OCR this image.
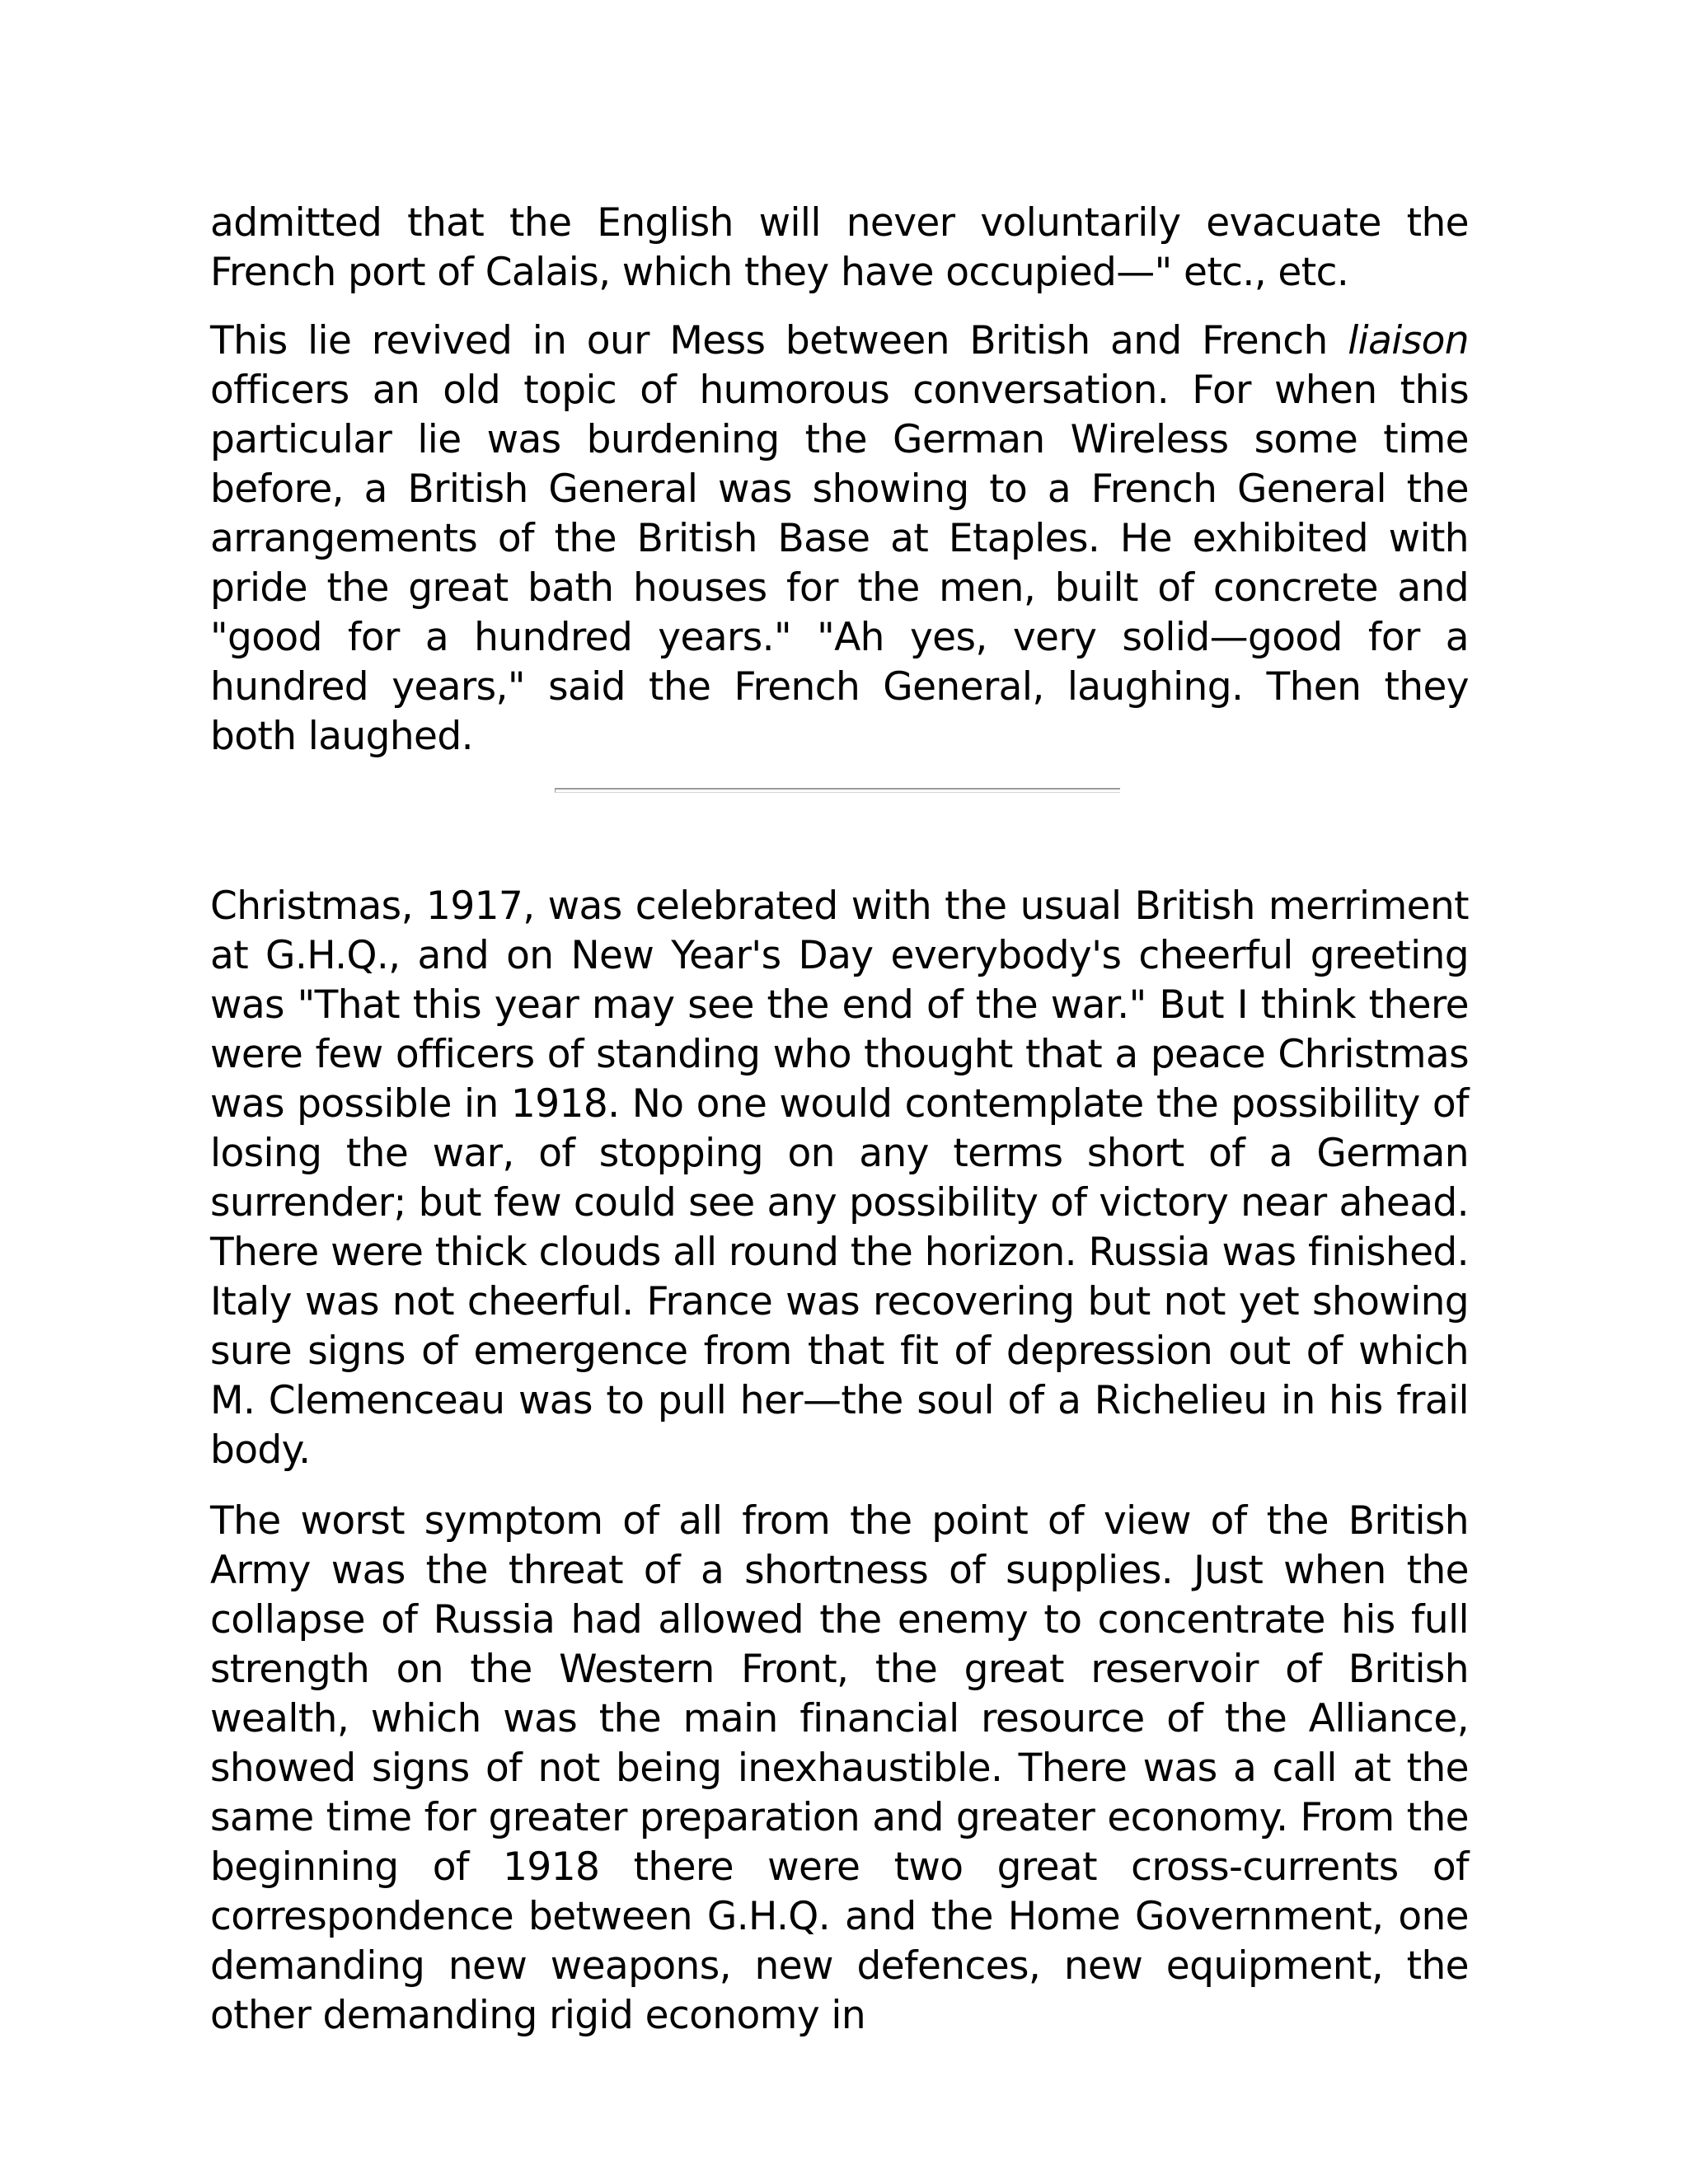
admitted that the English will never voluntarily evacuate the French port of Calais, which they have occupied—" etc., etc.

This lie revived in our Mess between British and French liaison officers an old topic of humorous conversation. For when this particular lie was burdening the German Wireless some time before, a British General was showing to a French General the arrangements of the British Base at Etaples. He exhibited with pride the great bath houses for the men, built of concrete and "good for a hundred years." "Ah yes, very solid—good for a hundred years," said the French General, laughing. Then they both laughed.

Christmas, 1917, was celebrated with the usual British merriment at G.H.Q., and on New Year's Day everybody's cheerful greeting was "That this year may see the end of the war." But I think there were few officers of standing who thought that a peace Christmas was possible in 1918. No one would contemplate the possibility of losing the war, of stopping on any terms short of a German surrender; but few could see any possibility of victory near ahead. There were thick clouds all round the horizon. Russia was finished. Italy was not cheerful. France was recovering but not yet showing sure signs of emergence from that fit of depression out of which M. Clemenceau was to pull her—the soul of a Richelieu in his frail body.

The worst symptom of all from the point of view of the British Army was the threat of a shortness of supplies. Just when the collapse of Russia had allowed the enemy to concentrate his full strength on the Western Front, the great reservoir of British wealth, which was the main financial resource of the Alliance, showed signs of not being inexhaustible. There was a call at the same time for greater preparation and greater economy. From the beginning of 1918 there were two great cross-currents of correspondence between G.H.Q. and the Home Government, one demanding new weapons, new defences, new equipment, the other demanding rigid economy in
